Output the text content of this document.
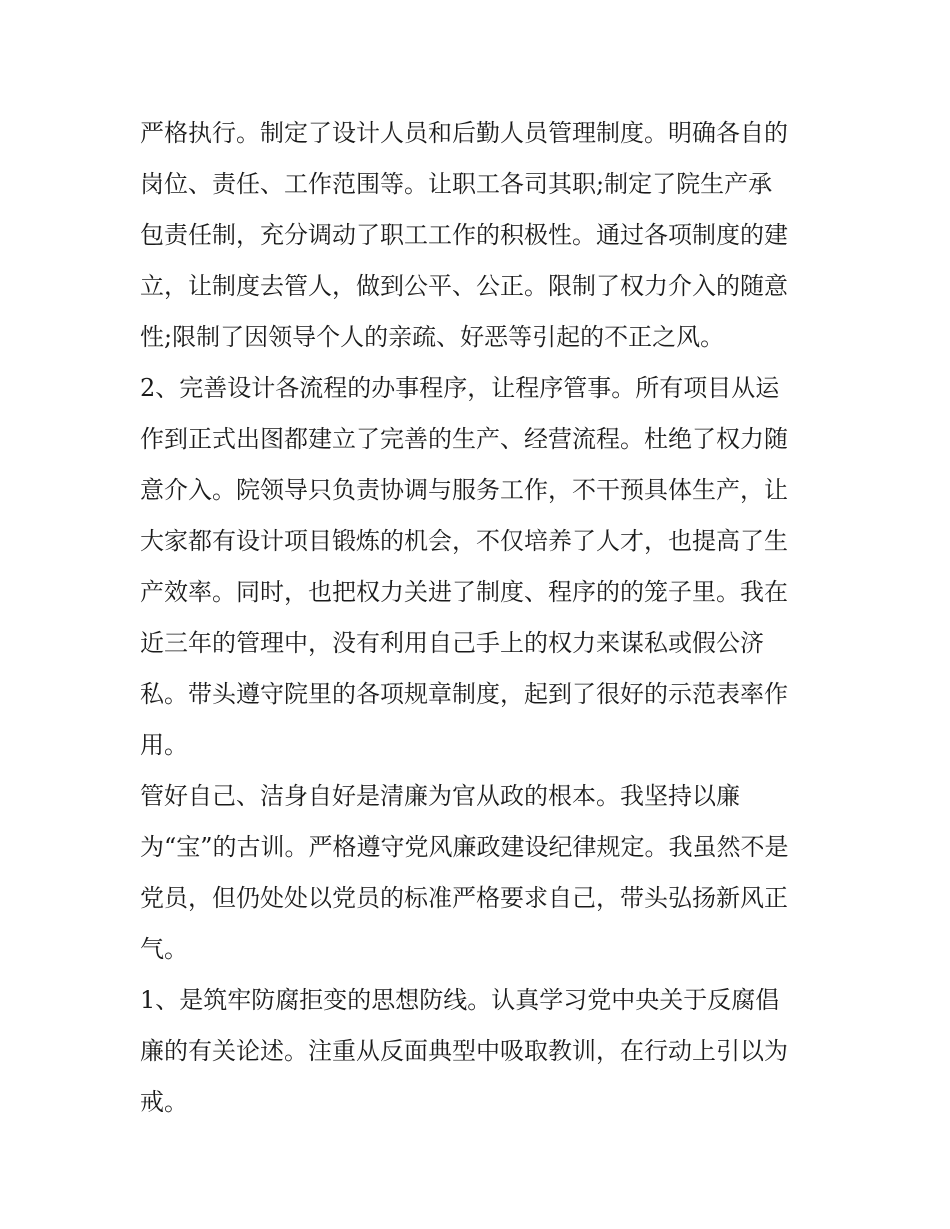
严格执行。制定了设计人员和后勤人员管理制度。明确各自的
岗位、责任、工作范围等。让职工各司其职;制定了院生产承
包责任制，充分调动了职工工作的积极性。通过各项制度的建
立，让制度去管人，做到公平、公正。限制了权力介入的随意
性;限制了因领导个人的亲疏、好恶等引起的不正之风。
2、完善设计各流程的办事程序，让程序管事。所有项目从运
作到正式出图都建立了完善的生产、经营流程。杜绝了权力随
意介入。院领导只负责协调与服务工作，不干预具体生产，让
大家都有设计项目锻炼的机会，不仅培养了人才，也提高了生
产效率。同时，也把权力关进了制度、程序的的笼子里。我在
近三年的管理中，没有利用自己手上的权力来谋私或假公济
私。带头遵守院里的各项规章制度，起到了很好的示范表率作
用。
管好自己、洁身自好是清廉为官从政的根本。我坚持以廉
为“宝”的古训。严格遵守党风廉政建设纪律规定。我虽然不是
党员，但仍处处以党员的标准严格要求自己，带头弘扬新风正
气。
1、是筑牢防腐拒变的思想防线。认真学习党中央关于反腐倡
廉的有关论述。注重从反面典型中吸取教训，在行动上引以为
戒。
